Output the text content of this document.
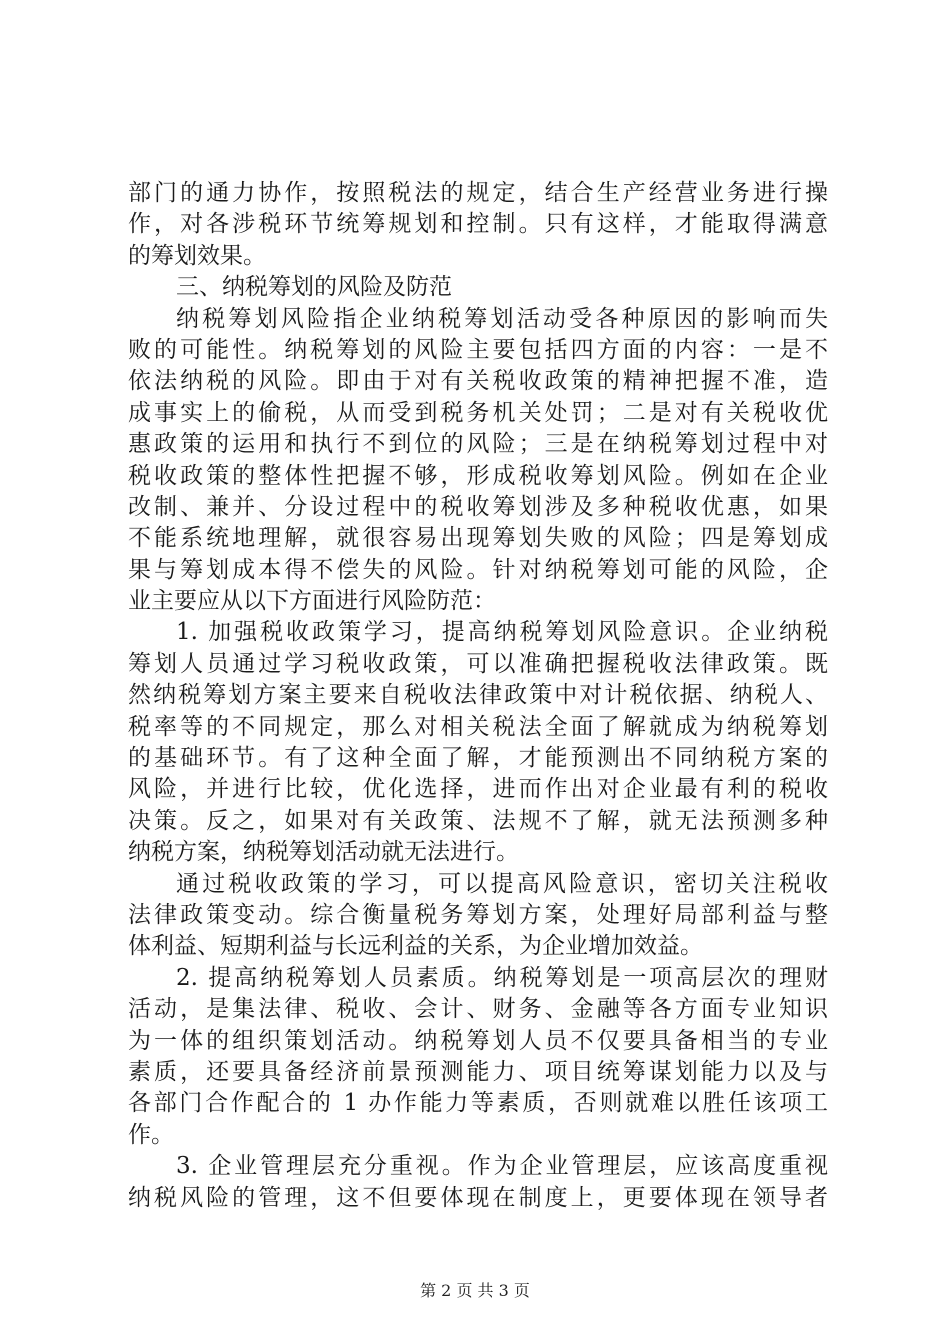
部门的通力协作，按照税法的规定，结合生产经营业务进行操
作，对各涉税环节统筹规划和控制。只有这样，才能取得满意
的筹划效果。
三、纳税筹划的风险及防范
纳税筹划风险指企业纳税筹划活动受各种原因的影响而失
败的可能性。纳税筹划的风险主要包括四方面的内容：一是不
依法纳税的风险。即由于对有关税收政策的精神把握不准，造
成事实上的偷税，从而受到税务机关处罚；二是对有关税收优
惠政策的运用和执行不到位的风险；三是在纳税筹划过程中对
税收政策的整体性把握不够，形成税收筹划风险。例如在企业
改制、兼并、分设过程中的税收筹划涉及多种税收优惠，如果
不能系统地理解，就很容易出现筹划失败的风险；四是筹划成
果与筹划成本得不偿失的风险。针对纳税筹划可能的风险，企
业主要应从以下方面进行风险防范：
1. 加强税收政策学习，提高纳税筹划风险意识。企业纳税
筹划人员通过学习税收政策，可以准确把握税收法律政策。既
然纳税筹划方案主要来自税收法律政策中对计税依据、纳税人、
税率等的不同规定，那么对相关税法全面了解就成为纳税筹划
的基础环节。有了这种全面了解，才能预测出不同纳税方案的
风险，并进行比较，优化选择，进而作出对企业最有利的税收
决策。反之，如果对有关政策、法规不了解，就无法预测多种
纳税方案，纳税筹划活动就无法进行。
通过税收政策的学习，可以提高风险意识，密切关注税收
法律政策变动。综合衡量税务筹划方案，处理好局部利益与整
体利益、短期利益与长远利益的关系，为企业增加效益。
2. 提高纳税筹划人员素质。纳税筹划是一项高层次的理财
活动，是集法律、税收、会计、财务、金融等各方面专业知识
为一体的组织策划活动。纳税筹划人员不仅要具备相当的专业
素质，还要具备经济前景预测能力、项目统筹谋划能力以及与
各部门合作配合的 1 办作能力等素质，否则就难以胜任该项工
作。
3. 企业管理层充分重视。作为企业管理层，应该高度重视
纳税风险的管理，这不但要体现在制度上，更要体现在领导者
第 2 页 共 3 页
